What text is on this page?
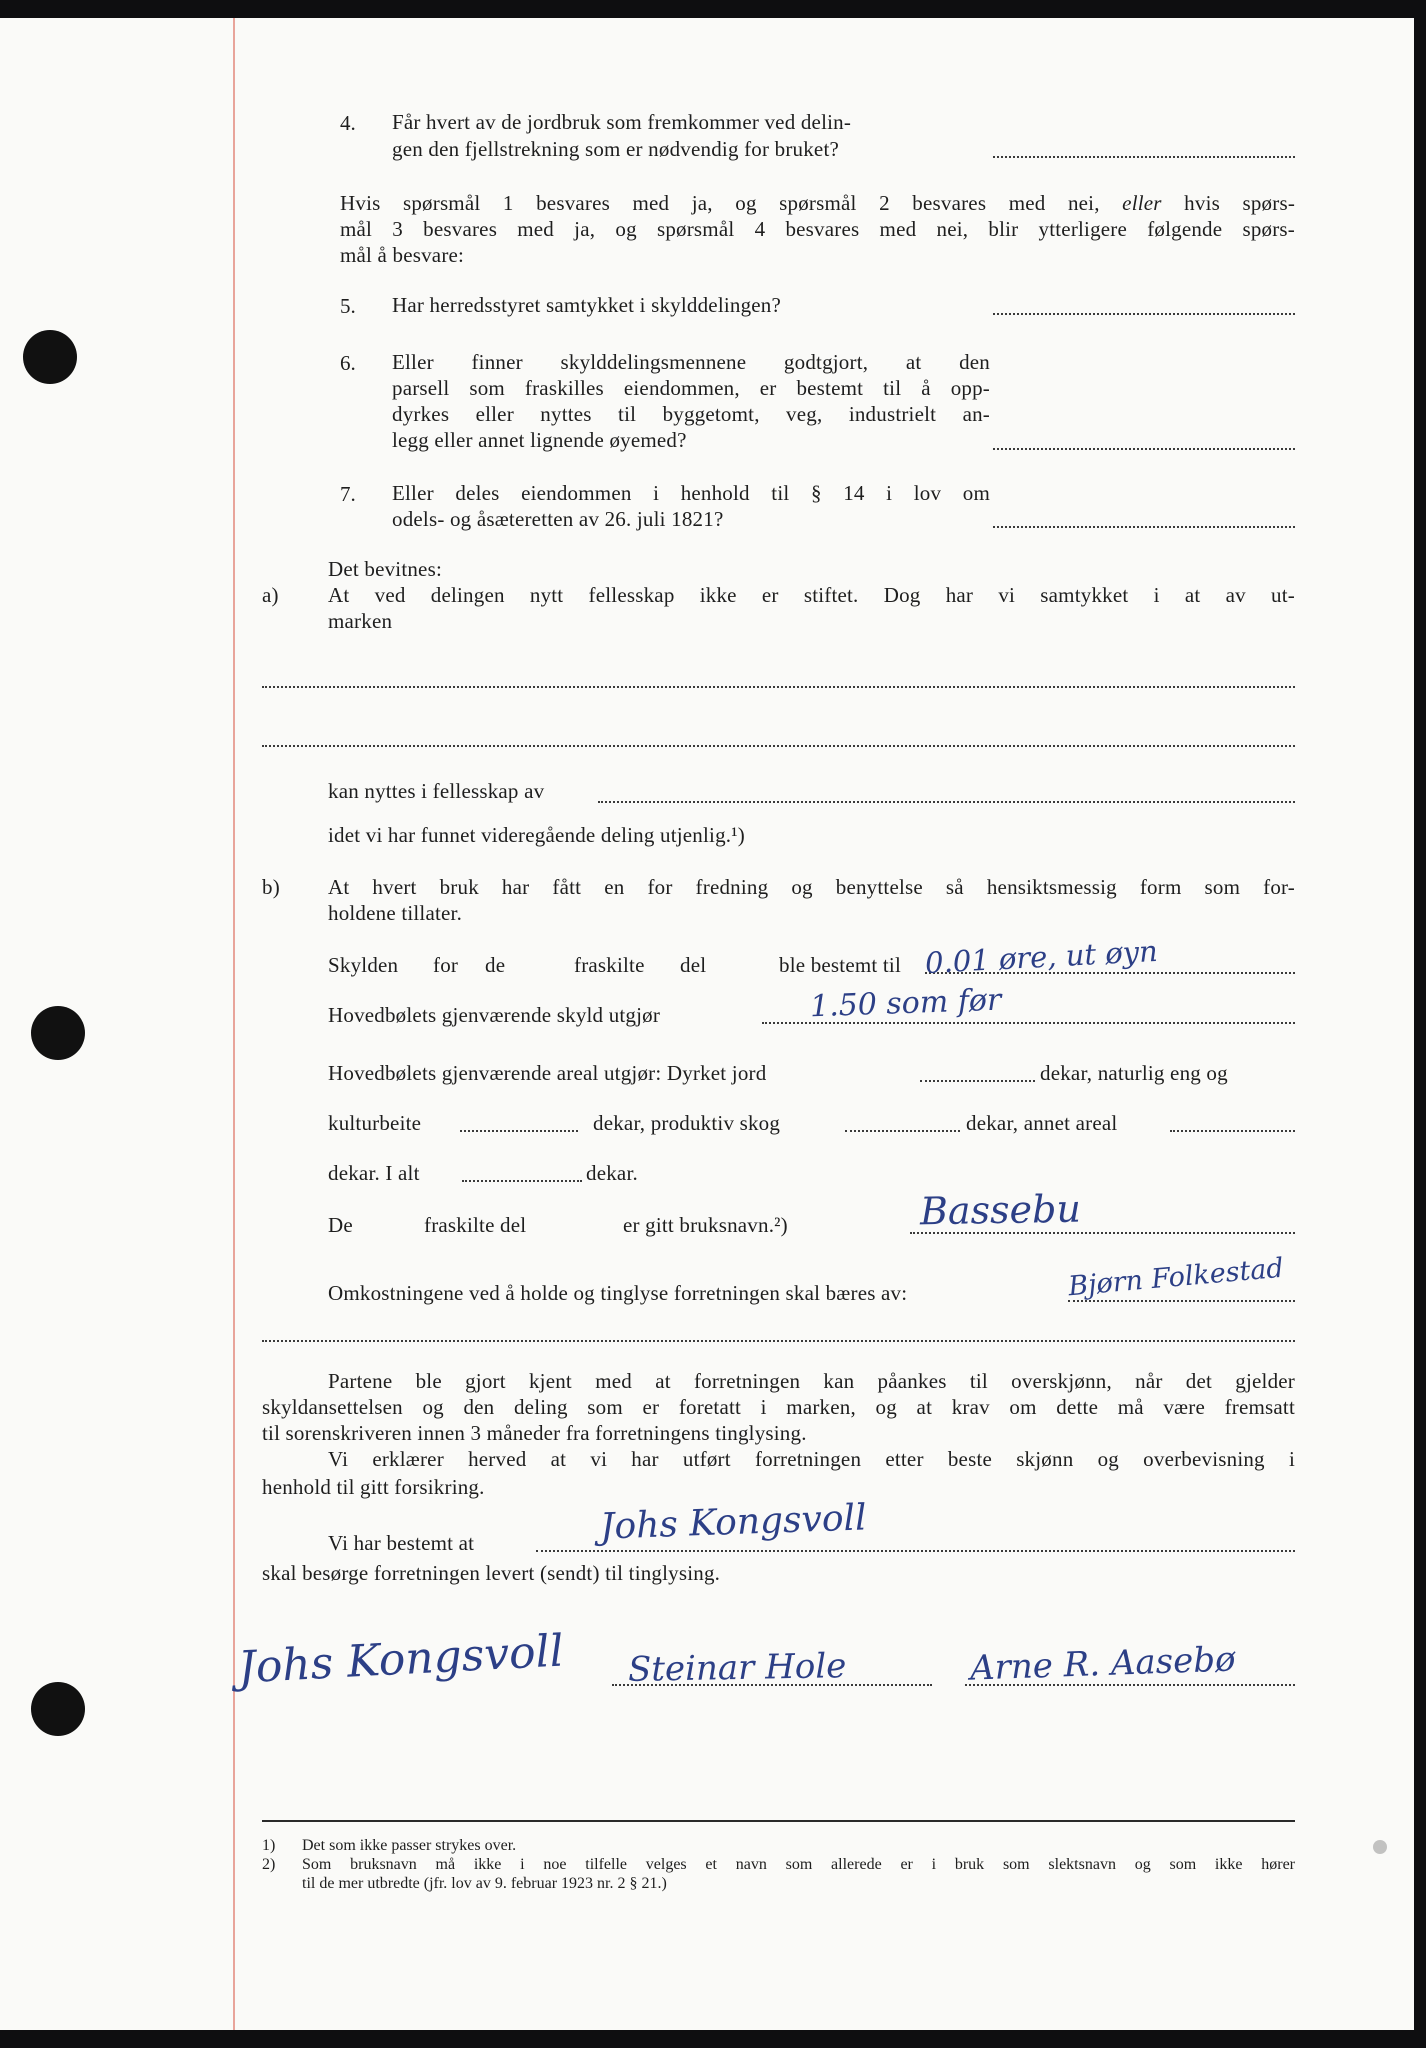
4. Får hvert av de jordbruk som fremkommer ved delin-
gen den fjellstrekning som er nødvendig for bruket?
Hvis spørsmål 1 besvares med ja, og spørsmål 2 besvares med nei, eller hvis spørs-
mål 3 besvares med ja, og spørsmål 4 besvares med nei, blir ytterligere følgende spørs-
mål å besvare:
5. Har herredsstyret samtykket i skylddelingen?
6. Eller finner skylddelingsmennene godtgjort, at den
parsell som fraskilles eiendommen, er bestemt til å opp-
dyrkes eller nyttes til byggetomt, veg, industrielt an-
legg eller annet lignende øyemed?
7. Eller deles eiendommen i henhold til § 14 i lov om
odels- og åsæteretten av 26. juli 1821?
Det bevitnes:
a) At ved delingen nytt fellesskap ikke er stiftet. Dog har vi samtykket i at av ut-
marken
kan nyttes i fellesskap av
idet vi har funnet videregående deling utjenlig.¹)
b) At hvert bruk har fått en for fredning og benyttelse så hensiktsmessig form som for-
holdene tillater.
Skylden for de	fraskilte del	ble bestemt til 0.01 øre, ut øyn
Hovedbølets gjenværende skyld utgjør	1.50 som før
Hovedbølets gjenværende areal utgjør: Dyrket jord	dekar, naturlig eng og
kulturbeite	dekar, produktiv skog	dekar, annet areal
dekar. I alt	dekar.
De	fraskilte del	er gitt bruksnavn.²)	Bassebu
Omkostningene ved å holde og tinglyse forretningen skal bæres av:	Bjørn Folkestad
Partene ble gjort kjent med at forretningen kan påankes til overskjønn, når det gjelder
skyldansettelsen og den deling som er foretatt i marken, og at krav om dette må være fremsatt
til sorenskriveren innen 3 måneder fra forretningens tinglysing.
Vi erklærer herved at vi har utført forretningen etter beste skjønn og overbevisning i
henhold til gitt forsikring.
Vi har bestemt at	Johs Kongsvoll
skal besørge forretningen levert (sendt) til tinglysing.
Johs Kongsvoll Steinar Hole	Arne R. Aasebø
1) Det som ikke passer strykes over.
2) Som bruksnavn må ikke i noe tilfelle velges et navn som allerede er i bruk som slektsnavn og som ikke hører
til de mer utbredte (jfr. lov av 9. februar 1923 nr. 2 § 21.)
